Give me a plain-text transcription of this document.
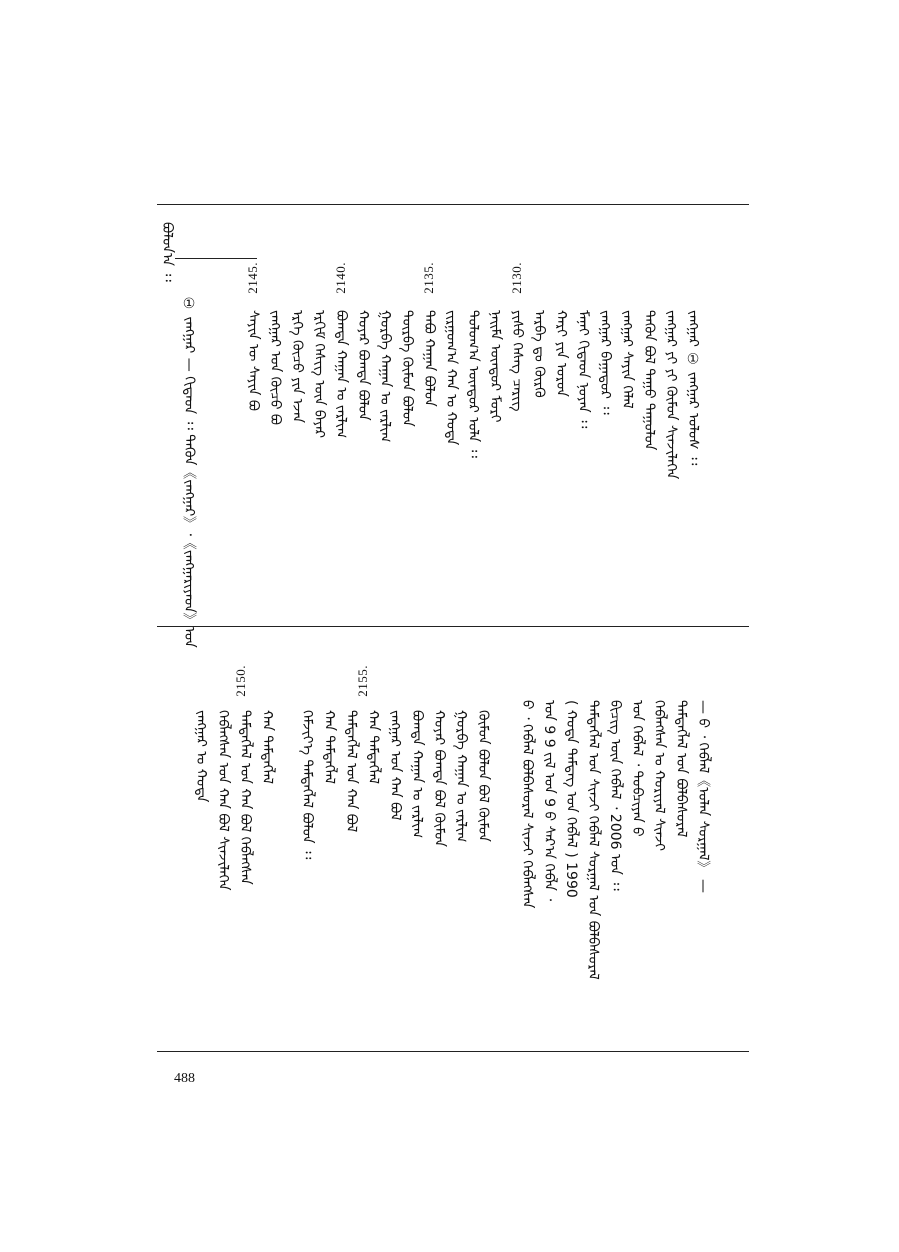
ᠪᠣᠯᠤᠨ᠎ᠠ ᠄᠄
① ᠵᠠᠩᠭᠠᠷ — ᠬᠢᠳᠠᠳ ᠄᠄ ᠲᠡᠭᠦᠨ《ᠵᠠᠩᠭᠠᠷ》᠂《ᠵᠠᠩᠭᠠᠷᠢᠶᠠᠳ》ᠤᠨ	ᠰᠠᠶᠢᠨ ᠦ ᠰᠠᠶᠢᠨ ᠪᠣ ᠵᠠᠩᠭᠠᠷ ᠤᠨ ᠬᠦᠴᠦ ᠪᠣ ᠡᠷᠬᠡ ᠬᠦᠴᠦ ᠶᠢᠨ ᠡᠵᠡᠨ ᠡᠷᠬᠢᠮ ᠬᠡᠰᠢᠭ ᠦᠨ ᠪᠠᠶᠠᠷ ᠪᠣᠭᠳᠠ ᠬᠠᠭᠠᠨ ᠤ ᠵᠠᠷᠯᠢᠭ ᠬᠣᠶᠠᠷ ᠪᠣᠭᠳᠠ ᠪᠣᠯᠤᠨ ᠭᠤᠷᠪᠠ ᠬᠠᠭᠠᠨ ᠤ ᠵᠠᠷᠯᠢᠭ ᠳᠥᠷᠪᠡ ᠬᠦᠮᠦᠨ ᠪᠣᠯᠤᠨ ᠲᠠᠪᠤ ᠬᠠᠭᠠᠨ ᠪᠣᠯᠤᠨ ᠵᠢᠷᠭᠤᠭ᠎ᠠ ᠬᠠᠨ ᠤ ᠬᠣᠲᠠ ᠳᠣᠯᠣᠭ᠎ᠠ ᠦᠨᠳᠦᠷ ᠤᠯᠠ ᠄᠄ ᠨᠠᠢᠮᠠ ᠦᠨᠳᠦᠷ ᠮᠣᠷᠢ ᠶᠢᠰᠦ ᠬᠡᠰᠡᠭ ᠴᠡᠷᠢᠭ ᠠᠷᠪᠠ ᠳᠤ ᠬᠦᠷᠬᠦ ᠬᠠᠷᠢ ᠶᠢᠨ ᠣᠷᠣᠨ ᠮᠠᠨᠠᠢ ᠬᠢᠲᠠᠳ ᠨᠣᠶᠠᠨ ᠄᠄ ᠵᠠᠩᠭᠠᠷ ᠪᠠᠭᠠᠲᠤᠷ ᠄᠄ ᠵᠠᠩᠭᠠᠷ ᠰᠠᠶᠢᠨ ᠬᠡᠯᠡᠯ ᠲᠡᠭᠦᠨ ᠪᠣᠯ ᠳᠠᠭᠤ ᠳᠠᠭᠤᠯᠤᠨ ᠵᠠᠩᠭᠠᠷ ᠶᠢ ᠶᠢ ᠬᠦᠮᠦᠨ ᠰᠢᠨᠵᠢᠯᠡᠭᠡᠨ ᠵᠠᠩᠭᠠᠷ ① ᠵᠠᠩᠭᠠᠷ ᠤᠯᠤᠰ ᠄᠄
2145.	2140.	2135.	2130.
ᠪᠢᠴᠢᠭ ᠦᠨ ᠬᠡᠪᠯᠡᠯ ᠂ 2006 ᠣᠨ ᠄᠄ ᠤᠨ ᠬᠡᠪᠯᠡᠯ ᠂ ᠲᠣᠪᠴᠢᠶᠠᠨ ᠪ ᠬᠡᠪᠯᠡᠭᠰᠡᠨ ᠤ ᠬᠣᠷᠢᠶᠠᠯ ᠰᠢᠨᠵᠢ ᠲᠡᠮᠳᠡᠭᠯᠡᠯ ᠤᠨ ᠪᠣᠯᠪᠠᠰᠤᠷᠠᠯ — ᠪ ᠂ ᠬᠡᠪᠯᠡᠯ《ᠤᠯᠠᠨ ᠰᠤᠷᠭᠠᠯ》 —
ᠪ ᠂ ᠬᠡᠪᠯᠡᠯ ᠪᠣᠯᠪᠠᠰᠤᠷᠠᠯ ᠰᠢᠨᠵᠢ ᠬᠡᠪᠯᠡᠭᠰᠡᠨ ᠤᠨ 9 9 ᠵᠢᠯ ᠤᠨ 9 ᠪ ᠰᠠᠷ᠎ᠠ ᠬᠡᠪᠯᠡ ᠂ ( ᠬᠣᠲᠠ ᠲᠡᠮᠳᠡᠭ ᠤᠨ ᠬᠡᠪᠯᠡᠯ ) 1990 ᠲᠡᠮᠳᠡᠭᠯᠡᠯ ᠤᠨ ᠰᠢᠨᠵᠢ ᠬᠡᠪᠯᠡᠯ ᠰᠤᠷᠭᠠᠯ ᠤᠨ ᠪᠣᠯᠪᠠᠰᠤᠷᠠᠯ
ᠬᠡᠮᠵᠢᠶ᠎ᠡ ᠲᠡᠮᠳᠡᠭᠯᠡᠯ ᠪᠣᠯᠤᠨ ᠄᠄ ᠬᠠᠨ ᠲᠡᠮᠳᠡᠭᠯᠡᠯ ᠲᠡᠮᠳᠡᠭᠯᠡᠯ ᠤᠨ ᠬᠠᠨ ᠪᠣᠯ ᠬᠠᠨ ᠲᠡᠮᠳᠡᠭᠯᠡᠯ ᠵᠠᠩᠭᠠᠷ ᠤᠨ ᠬᠠᠨ ᠪᠣᠯ ᠪᠣᠭᠳᠠ ᠬᠠᠭᠠᠨ ᠤ ᠵᠠᠷᠯᠢᠭ ᠬᠣᠶᠠᠷ ᠪᠣᠭᠳᠠ ᠪᠣᠯ ᠬᠦᠮᠦᠨ ᠭᠤᠷᠪᠠ ᠬᠠᠭᠠᠨ ᠤ ᠵᠠᠷᠯᠢᠭ ᠬᠦᠮᠦᠨ ᠪᠣᠯᠤᠨ ᠪᠣᠯ ᠬᠦᠮᠦᠨ
ᠵᠠᠩᠭᠠᠷ ᠤ ᠬᠣᠲᠠ ᠬᠡᠪᠯᠡᠭᠰᠡᠨ ᠤᠨ ᠬᠠᠨ ᠪᠣᠯ ᠰᠢᠨᠵᠢᠯᠡᠭᠡᠨ ᠲᠡᠮᠳᠡᠭᠯᠡᠯ ᠤᠨ ᠬᠠᠨ ᠪᠣᠯ ᠬᠡᠪᠯᠡᠭᠰᠡᠨ ᠬᠠᠨ ᠲᠡᠮᠳᠡᠭᠯᠡᠯ
2155.
2150.
488
